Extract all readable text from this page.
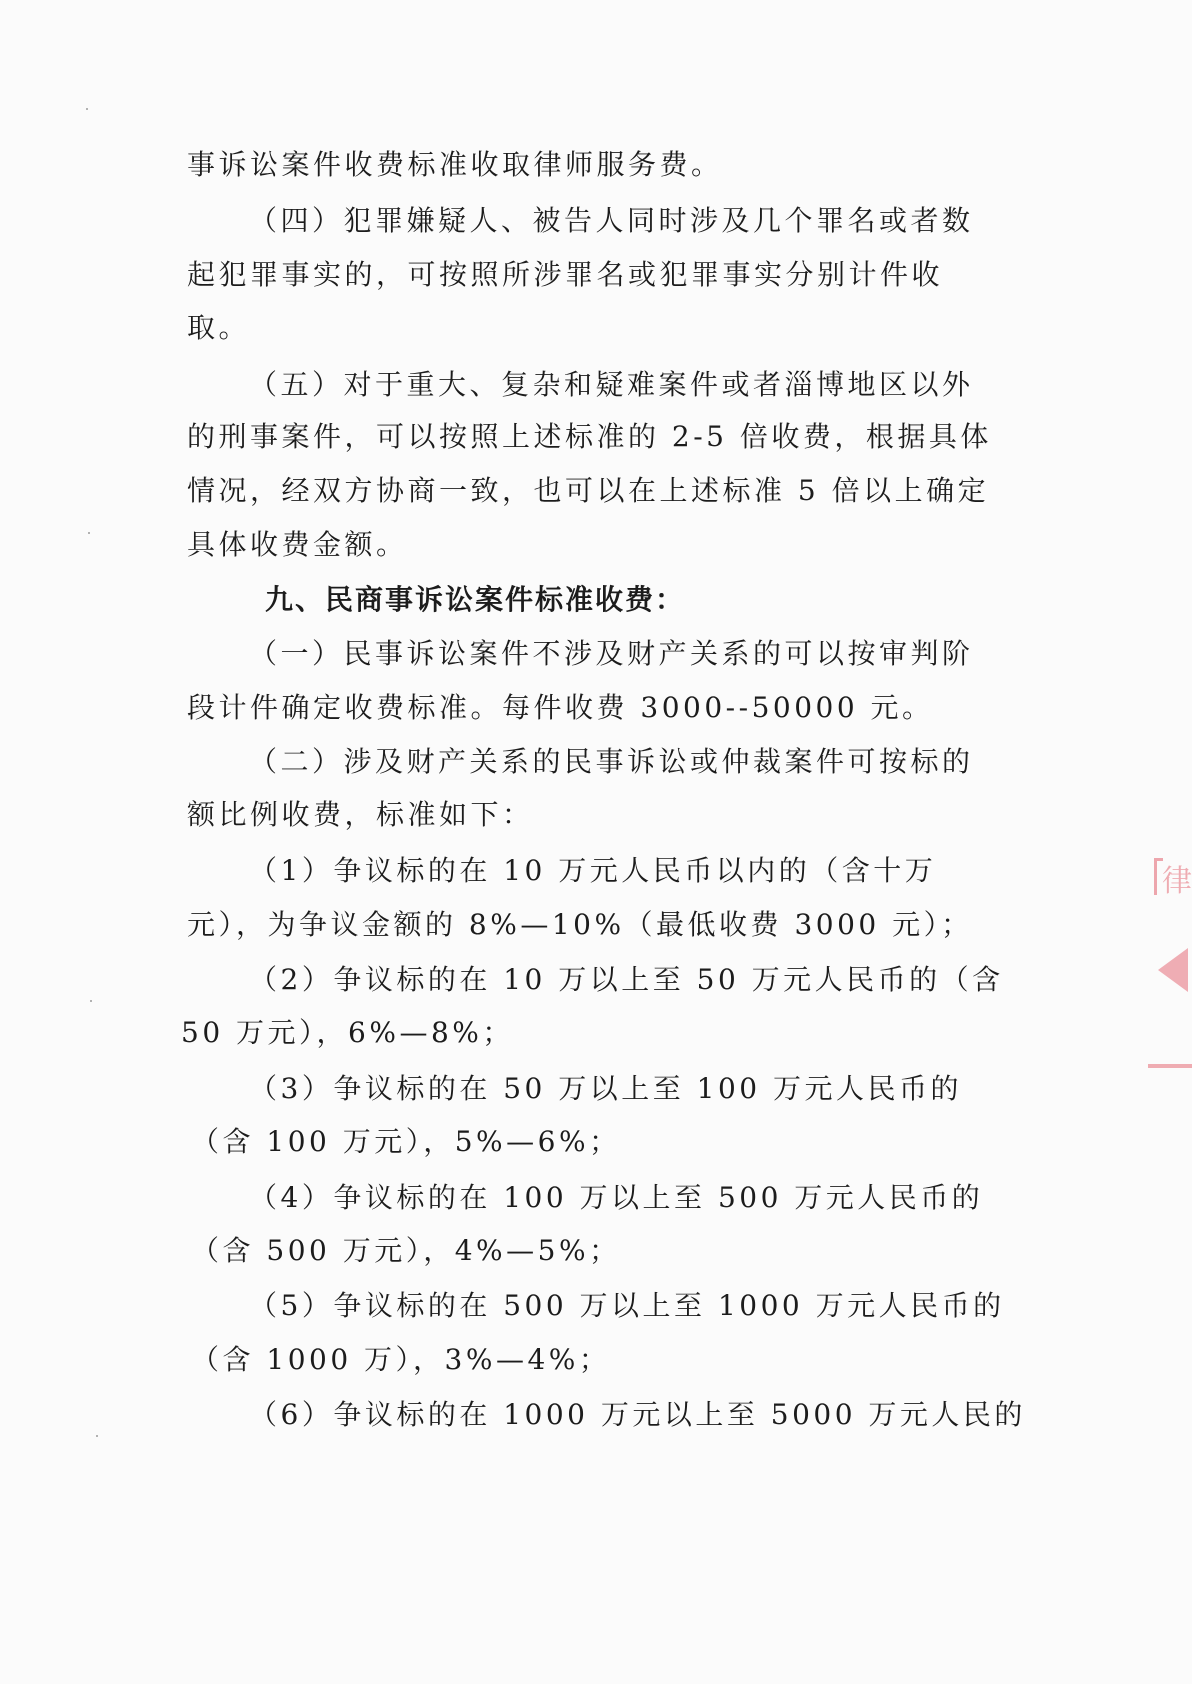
事诉讼案件收费标准收取律师服务费。
（四）犯罪嫌疑人、被告人同时涉及几个罪名或者数
起犯罪事实的，可按照所涉罪名或犯罪事实分别计件收
取。
（五）对于重大、复杂和疑难案件或者淄博地区以外
的刑事案件，可以按照上述标准的 2-5 倍收费，根据具体
情况，经双方协商一致，也可以在上述标准 5 倍以上确定
具体收费金额。
九、民商事诉讼案件标准收费：
（一）民事诉讼案件不涉及财产关系的可以按审判阶
段计件确定收费标准。每件收费 3000--50000 元。
（二）涉及财产关系的民事诉讼或仲裁案件可按标的
额比例收费，标准如下：
（1）争议标的在 10 万元人民币以内的（含十万
元），为争议金额的 8%—10%（最低收费 3000 元）；
（2）争议标的在 10 万以上至 50 万元人民币的（含
50 万元），6%—8%；
（3）争议标的在 50 万以上至 100 万元人民币的
（含 100 万元），5%—6%；
（4）争议标的在 100 万以上至 500 万元人民币的
（含 500 万元），4%—5%；
（5）争议标的在 500 万以上至 1000 万元人民币的
（含 1000 万），3%—4%；
（6）争议标的在 1000 万元以上至 5000 万元人民的
律
